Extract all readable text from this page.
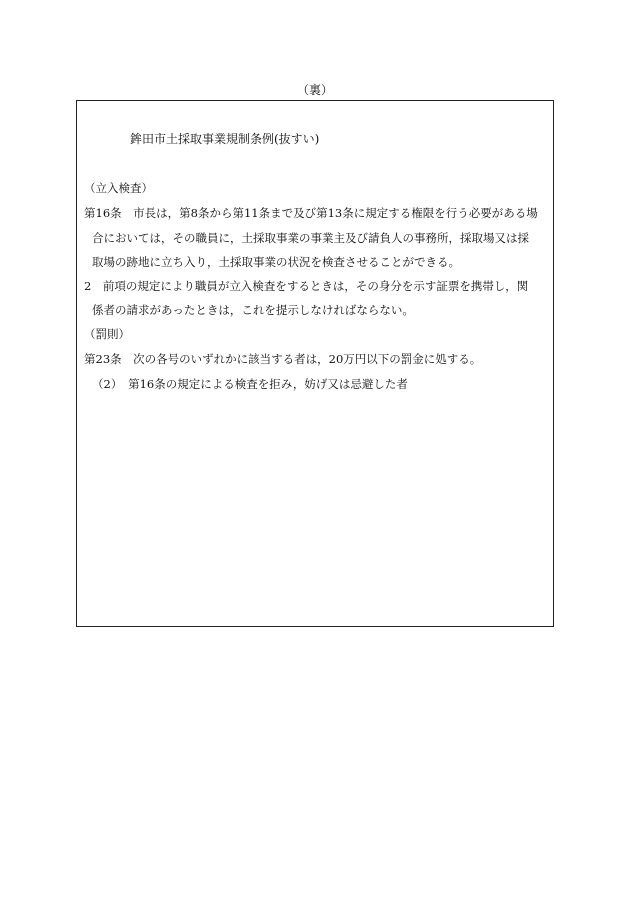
（裏）
鉾田市土採取事業規制条例(抜すい)
（立入検査）
第16条　市長は，第8条から第11条まで及び第13条に規定する権限を行う必要がある場
合においては，その職員に，土採取事業の事業主及び請負人の事務所，採取場又は採
取場の跡地に立ち入り，土採取事業の状況を検査させることができる。
2　前項の規定により職員が立入検査をするときは，その身分を示す証票を携帯し，関
係者の請求があったときは，これを提示しなければならない。
（罰則）
第23条　次の各号のいずれかに該当する者は，20万円以下の罰金に処する。
（2）　第16条の規定による検査を拒み，妨げ又は忌避した者
